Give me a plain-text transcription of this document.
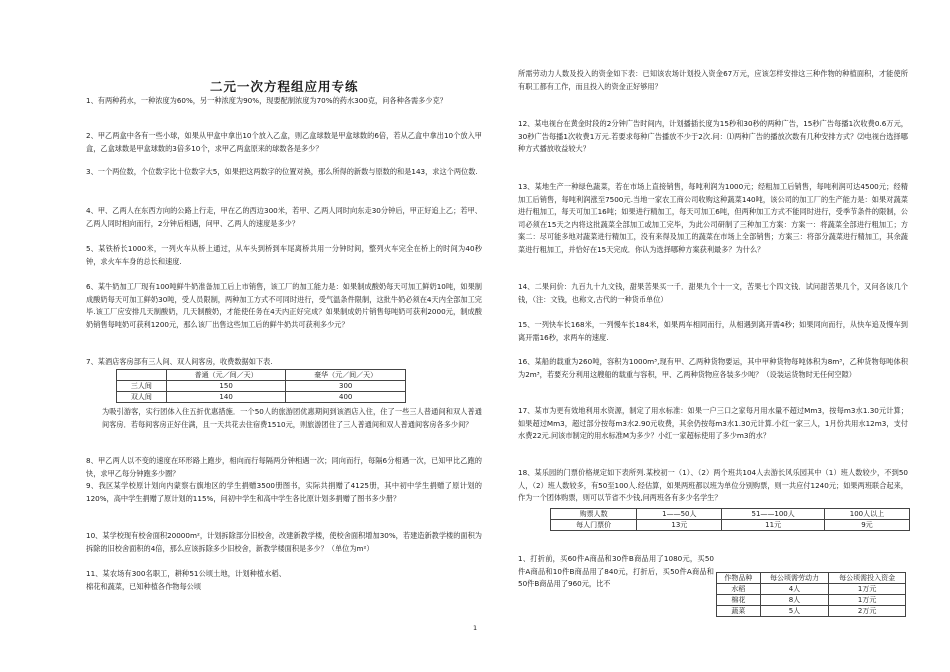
二元一次方程组应用专练

1、有两种药水，一种浓度为60%，另一种浓度为90%，现要配制浓度为70%的药水300克，问各种各需多少克？

2、甲乙两盒中各有一些小球，如果从甲盒中拿出10个放入乙盒，则乙盒球数是甲盒球数的6倍，若从乙盒中拿出10个放入甲盒，乙盒球数是甲盒球数的3倍多10个，求甲乙两盒原来的球数各是多少？

3、一个两位数，个位数字比十位数字大5，如果把这两数字的位置对换，那么所得的新数与原数的和是143，求这个两位数.

4、甲、乙两人在东西方向的公路上行走，甲在乙的西边300米，若甲、乙两人同时向东走30分钟后，甲正好追上乙；若甲、乙两人同时相向而行，2分钟后相遇，问甲、乙两人的速度是多少？

5、某铁桥长1000米，一列火车从桥上通过，从车头到桥到车尾离桥共用一分钟时间，整列火车完全在桥上的时间为40秒钟，求火车车身的总长和速度.

6、某牛奶加工厂现有100吨鲜牛奶准备加工后上市销售，该工厂的加工能力是：如果制成酸奶每天可加工鲜奶10吨，如果制成酸奶每天可加工鲜奶30吨，受人员限制，两种加工方式不可同时进行，受气温条件限制，这批牛奶必须在4天内全部加工完毕.该工厂应安排几天制酸奶，几天制酸奶，才能使任务在4天内正好完成？如果制成奶片销售每吨奶可获利2000元，制成酸奶销售每吨奶可获利1200元，那么该厂出售这些加工后的鲜牛奶共可获利多少元？

7、某酒店客房部有三人间、双人间客房，收费数据如下表.

	普通（元／间／天）	豪华（元／间／天）
三人间	150	300
双人间	140	400

为吸引游客，实行团体入住五折优惠措施．一个50人的旅游团优惠期间到该酒店入住，住了一些三人普通间和双人普通间客房．若每间客房正好住满，且一天共花去住宿费1510元，则旅游团住了三人普通间和双人普通间客房各多少间？

8、甲乙两人以不变的速度在环形路上跑步，相向而行每隔两分钟相遇一次；同向而行，每隔6分相遇一次，已知甲比乙跑的快，求甲乙每分钟跑多少圈？

9、我区某学校原计划向内蒙察右旗地区的学生捐赠3500册图书，实际共捐赠了4125册，其中初中学生捐赠了原计划的120%，高中学生捐赠了原计划的115%，问初中学生和高中学生各比原计划多捐赠了图书多少册？

10、某学校现有校舍面积20000m²，计划拆除部分旧校舍，改建新教学楼，使校舍面积增加30%，若建造新教学楼的面积为拆除的旧校舍面积的4倍，那么应该拆除多少旧校舍，新教学楼面积是多少？（单位为m²）

11、某农场有300名职工，耕种51公顷土地，计划种植水稻、棉花和蔬菜，已知种植各作物每公顷

所需劳动力人数及投入的资金如下表：已知该农场计划投入资金67万元，应该怎样安排这三种作物的种植面积，才能使所有职工都有工作，而且投入的资金正好够用？

12、某电视台在黄金时段的2分钟广告时间内，计划播插长度为15秒和30秒的两种广告，15秒广告每播1次收费0.6万元，30秒广告每播1次收费1万元.若要求每种广告播放不少于2次.问：⑴两种广告的播放次数有几种安排方式？⑵电视台选择哪种方式播放收益较大？

13、某地生产一种绿色蔬菜，若在市场上直接销售，每吨利润为1000元；经粗加工后销售，每吨利润可达4500元；经精加工后销售，每吨利润涨至7500元.当地一家农工商公司收购这种蔬菜140吨，该公司的加工厂的生产能力是：如果对蔬菜进行粗加工，每天可加工16吨；如果进行精加工，每天可加工6吨，但两种加工方式不能同时进行，受季节条件的限制，公司必须在15天之内将这批蔬菜全部加工或加工完毕，为此公司研制了三种加工方案：方案一：将蔬菜全部进行粗加工；方案二：尽可能多地对蔬菜进行精加工，没有来得及加工的蔬菜在市场上全部销售；方案三：将部分蔬菜进行精加工，其余蔬菜进行粗加工，并恰好在15天完成．你认为选择哪种方案获利最多？为什么？

14、二果问价：九百九十九文钱，甜果苦果买一千．甜果九个十一文，苦果七个四文钱．试问甜苦果几个，又问各该几个钱，（注：文钱，也称文,古代的一种货币单位）

15、一列快车长168米，一列慢车长184米，如果两车相同而行，从相遇到离开需4秒；如果同向而行，从快车追及慢车到离开需16秒，求两车的速度.

16、某船的载重为260吨，容积为1000m³,现有甲、乙两种货物要运，其中甲种货物每吨体积为8m³，乙种货物每吨体积为2m³，若要充分利用这艘船的载重与容积，甲、乙两种货物应各装多少吨？（设装运货物时无任何空隙）

17、某市为更有效地利用水资源，制定了用水标准：如果一户三口之家每月用水量不超过Mm3，按每m3水1.30元计算；如果超过Mm3，超过部分按每m3水2.90元收费，其余仍按每m3水1.30元计算.小红一家三人，1月份共用水12m3，支付水费22元.问该市制定的用水标准M为多少？小红一家超标使用了多少m3的水？

18、某乐园的门票价格规定如下表所列.某校初一（1）、（2）两个班共104人去游长风乐园其中（1）班人数较少，不到50人，（2）班人数较多，有50至100人.经估算，如果两班都以班为单位分别购票，则一共应付1240元；如果两班联合起来，作为一个团体购票，则可以节省不少钱,问两班各有多少名学生？

购票人数	1——50人	51——100人	100人以上
每人门票价	13元	11元	9元

1、打折前，买60件A商品和30件B商品用了1080元，买50件A商品和10件B商品用了840元，打折后，买50件A商品和50件B商品用了960元，比不

作物品种	每公顷需劳动力	每公顷需投入资金
水稻	4人	1万元
棉花	8人	1万元
蔬菜	5人	2万元
1
